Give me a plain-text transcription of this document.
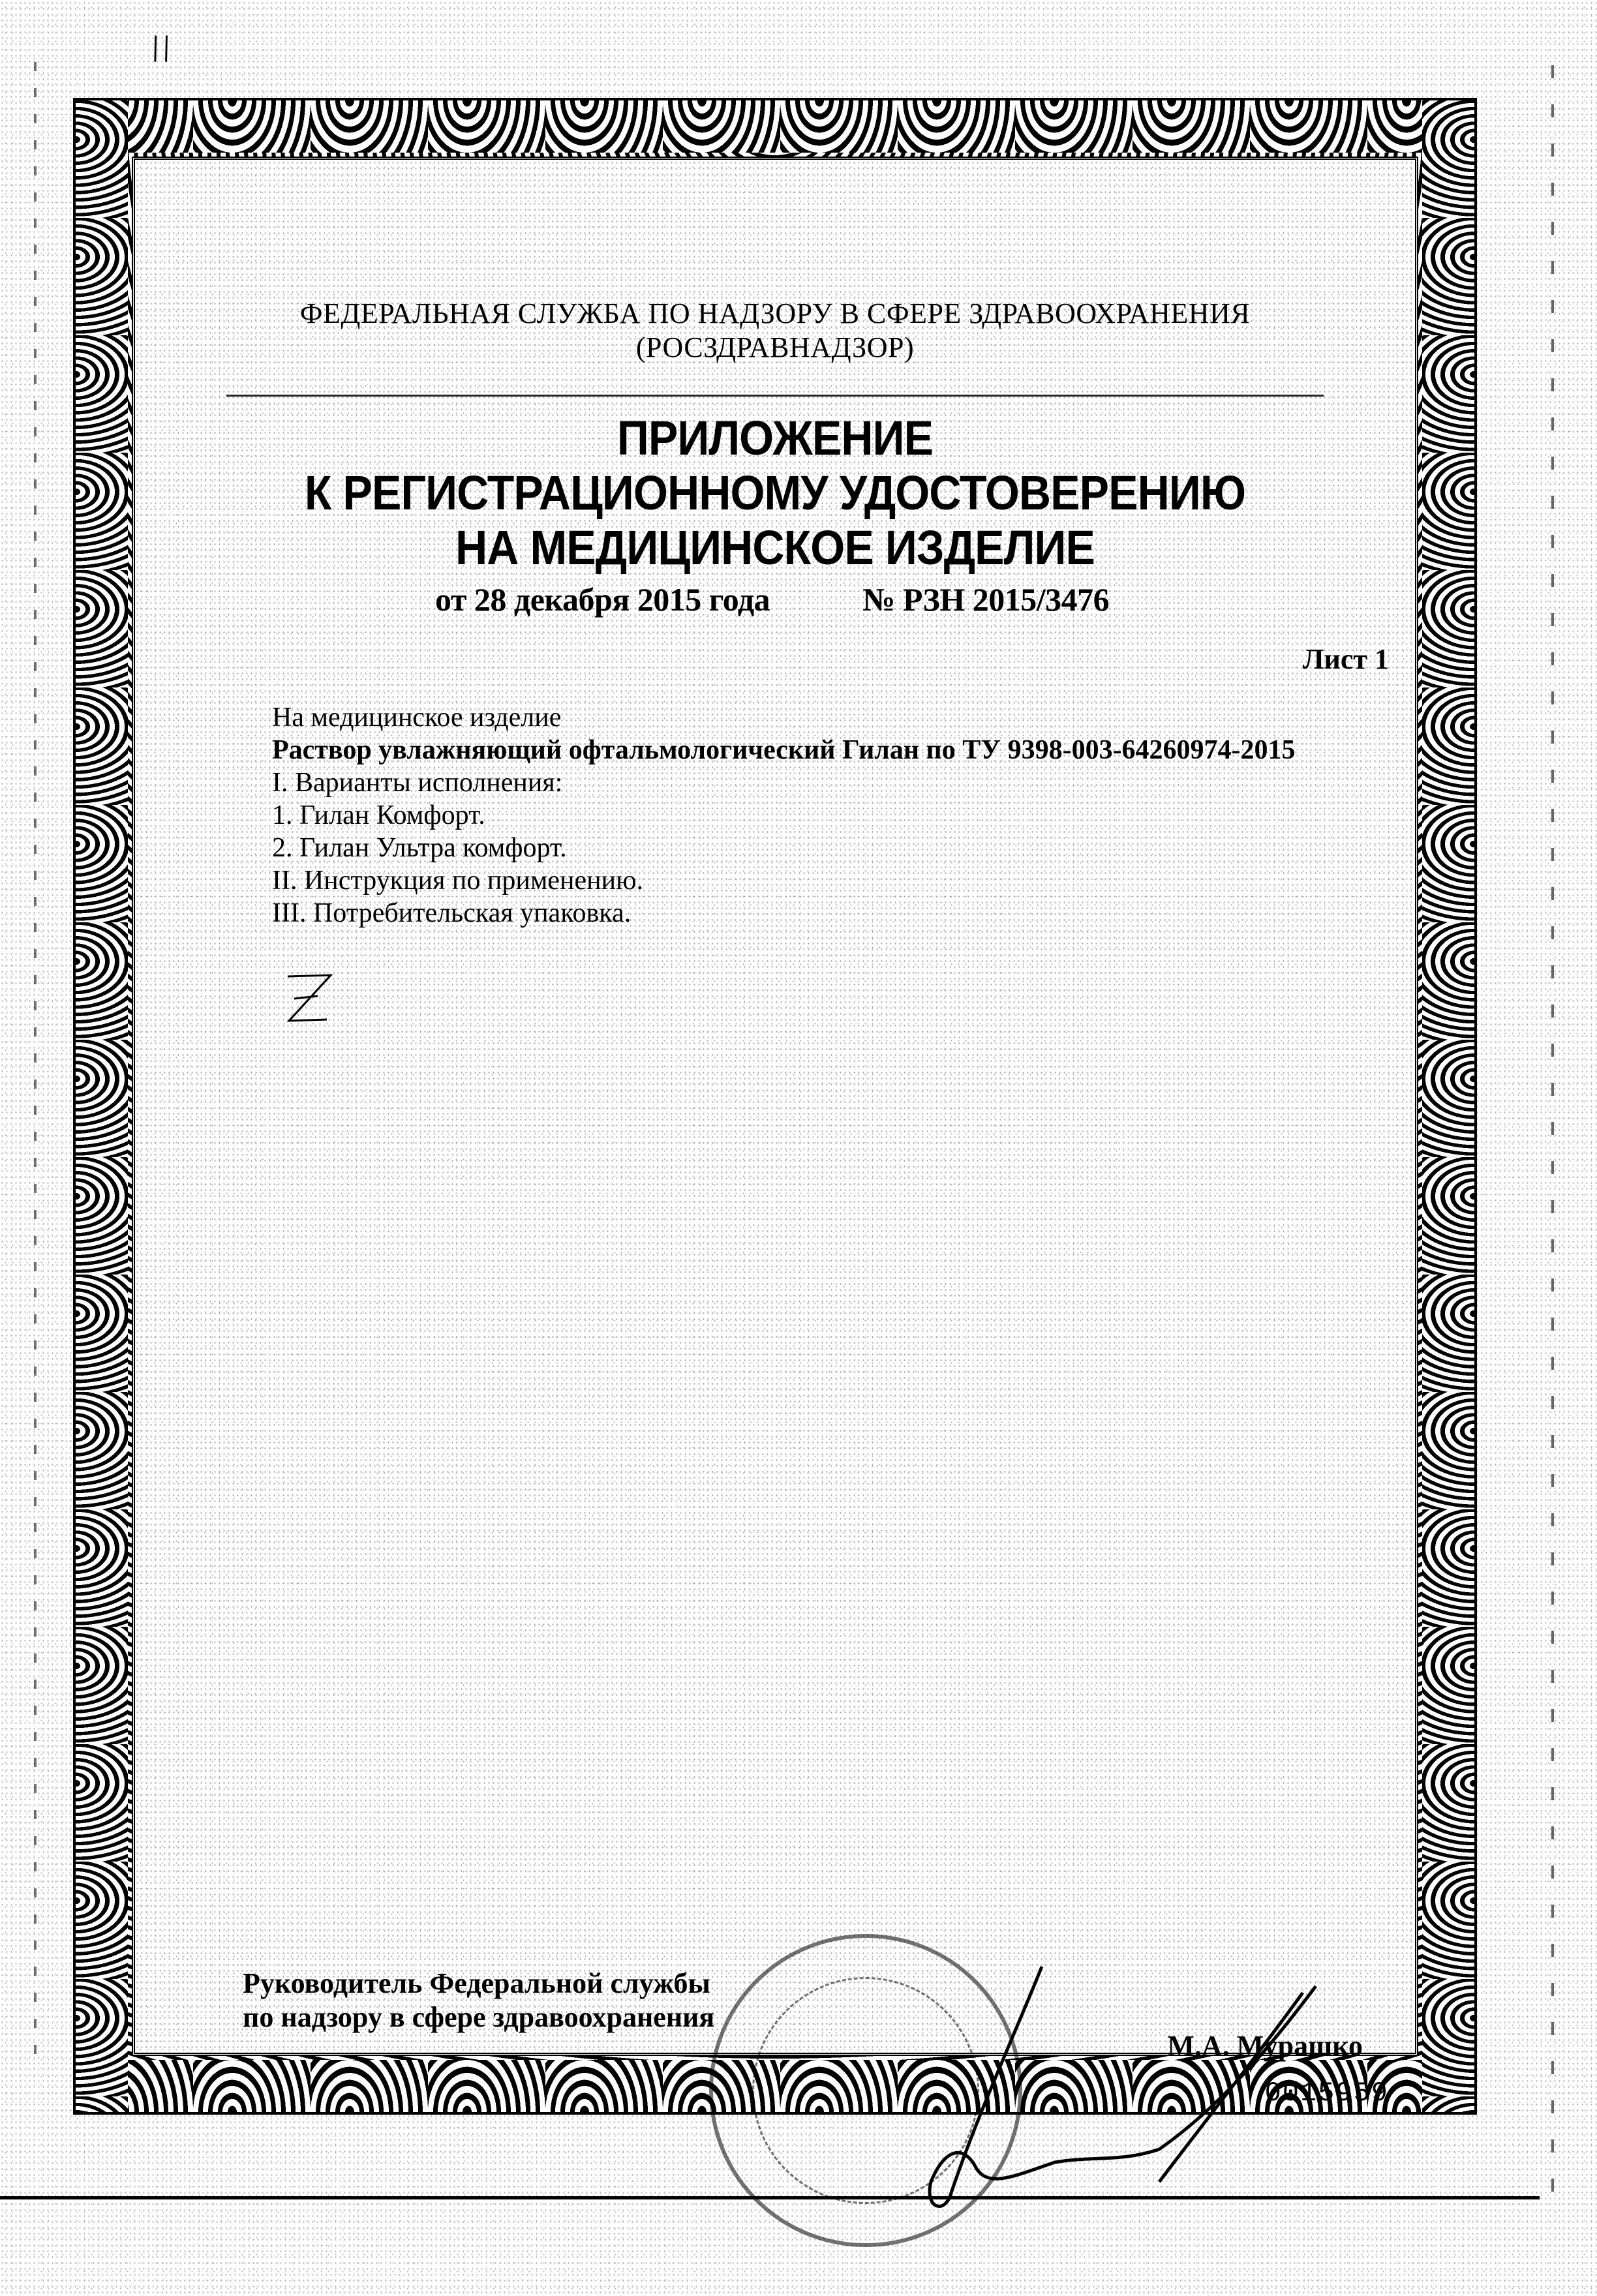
\\
ФЕДЕРАЛЬНАЯ СЛУЖБА ПО НАДЗОРУ В СФЕРЕ ЗДРАВООХРАНЕНИЯ
(РОСЗДРАВНАДЗОР)
ПРИЛОЖЕНИЕ
К РЕГИСТРАЦИОННОМУ УДОСТОВЕРЕНИЮ
НА МЕДИЦИНСКОЕ ИЗДЕЛИЕ
от 28 декабря 2015 года	№ РЗН 2015/3476
Лист 1
На медицинское изделие
Раствор увлажняющий офтальмологический Гилан по ТУ 9398-003-64260974-2015
I. Варианты исполнения:
1. Гилан Комфорт.
2. Гилан Ультра комфорт.
II. Инструкция по применению.
III. Потребительская упаковка.
Руководитель Федеральной службы
по надзору в сфере здравоохранения
М.А. Мурашко
0015959
